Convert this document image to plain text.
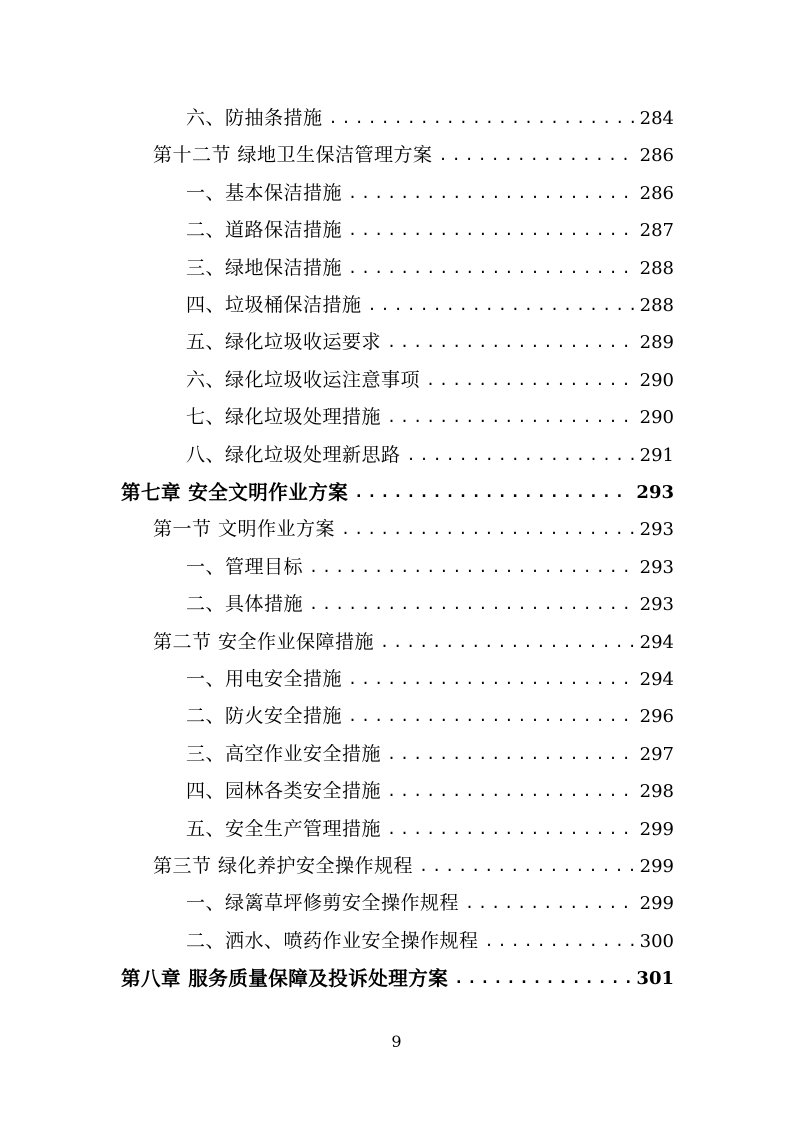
六、防抽条措施 .....	284
第十二节 绿地卫生保洁管理方案 .....	286
一、基本保洁措施 .....	286
二、道路保洁措施 .....	287
三、绿地保洁措施 .....	288
四、垃圾桶保洁措施 .....	288
五、绿化垃圾收运要求 .....	289
六、绿化垃圾收运注意事项 .....	290
七、绿化垃圾处理措施 .....	290
八、绿化垃圾处理新思路 .....	291
第七章 安全文明作业方案 .....	293
第一节 文明作业方案 .....	293
一、管理目标 .....	293
二、具体措施 .....	293
第二节 安全作业保障措施 .....	294
一、用电安全措施 .....	294
二、防火安全措施 .....	296
三、高空作业安全措施 .....	297
四、园林各类安全措施 .....	298
五、安全生产管理措施 .....	299
第三节 绿化养护安全操作规程 .....	299
一、绿篱草坪修剪安全操作规程 .....	299
二、洒水、喷药作业安全操作规程 .....	300
第八章 服务质量保障及投诉处理方案 .....	301
9
